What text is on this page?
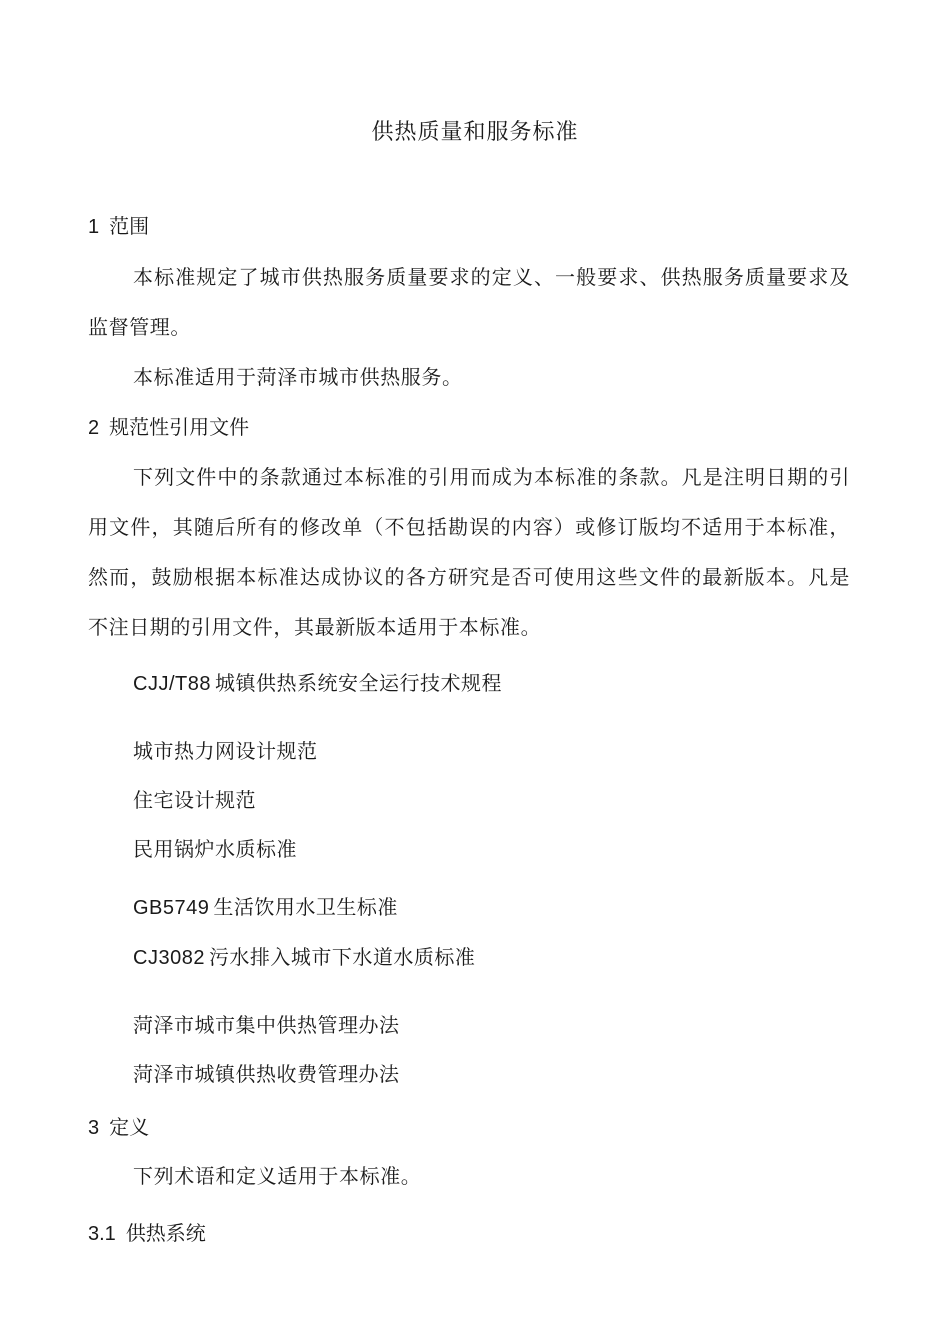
供热质量和服务标准
1 范围
本标准规定了城市供热服务质量要求的定义、一般要求、供热服务质量要求及监督管理。
本标准适用于菏泽市城市供热服务。
2 规范性引用文件
下列文件中的条款通过本标准的引用而成为本标准的条款。凡是注明日期的引用文件，其随后所有的修改单（不包括勘误的内容）或修订版均不适用于本标准，然而，鼓励根据本标准达成协议的各方研究是否可使用这些文件的最新版本。凡是不注日期的引用文件，其最新版本适用于本标准。
CJJ/T88 城镇供热系统安全运行技术规程
城市热力网设计规范
住宅设计规范
民用锅炉水质标准
GB5749 生活饮用水卫生标准
CJ3082 污水排入城市下水道水质标准
菏泽市城市集中供热管理办法
菏泽市城镇供热收费管理办法
3 定义
下列术语和定义适用于本标准。
3.1 供热系统
